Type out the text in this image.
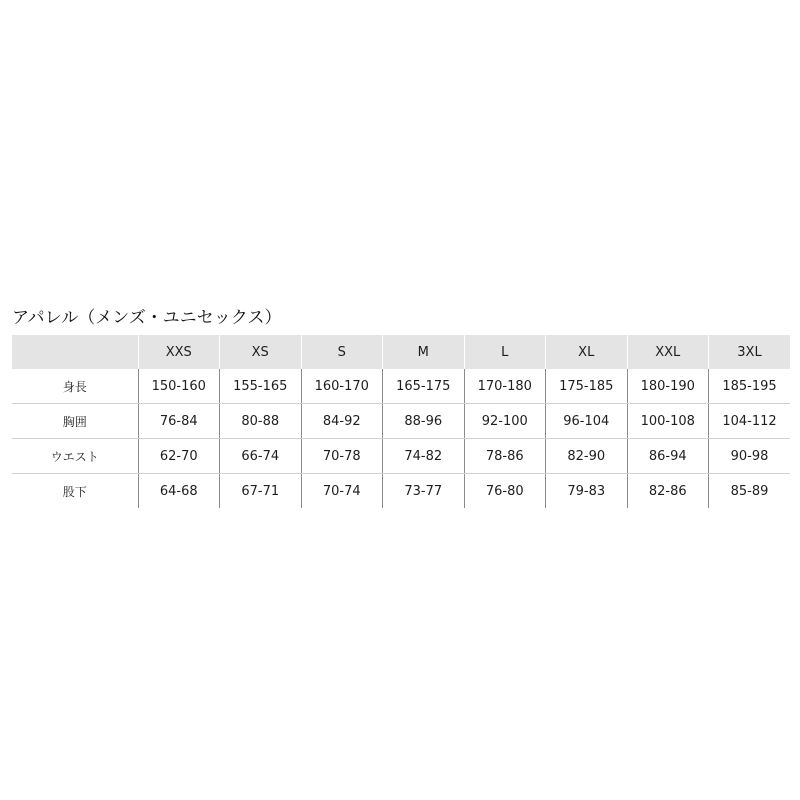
アパレル（メンズ・ユニセックス）
	XXS	XS	S	M	L	XL	XXL	3XL
身長	150-160	155-165	160-170	165-175	170-180	175-185	180-190	185-195
胸囲	76-84	80-88	84-92	88-96	92-100	96-104	100-108	104-112
ウエスト	62-70	66-74	70-78	74-82	78-86	82-90	86-94	90-98
股下	64-68	67-71	70-74	73-77	76-80	79-83	82-86	85-89
